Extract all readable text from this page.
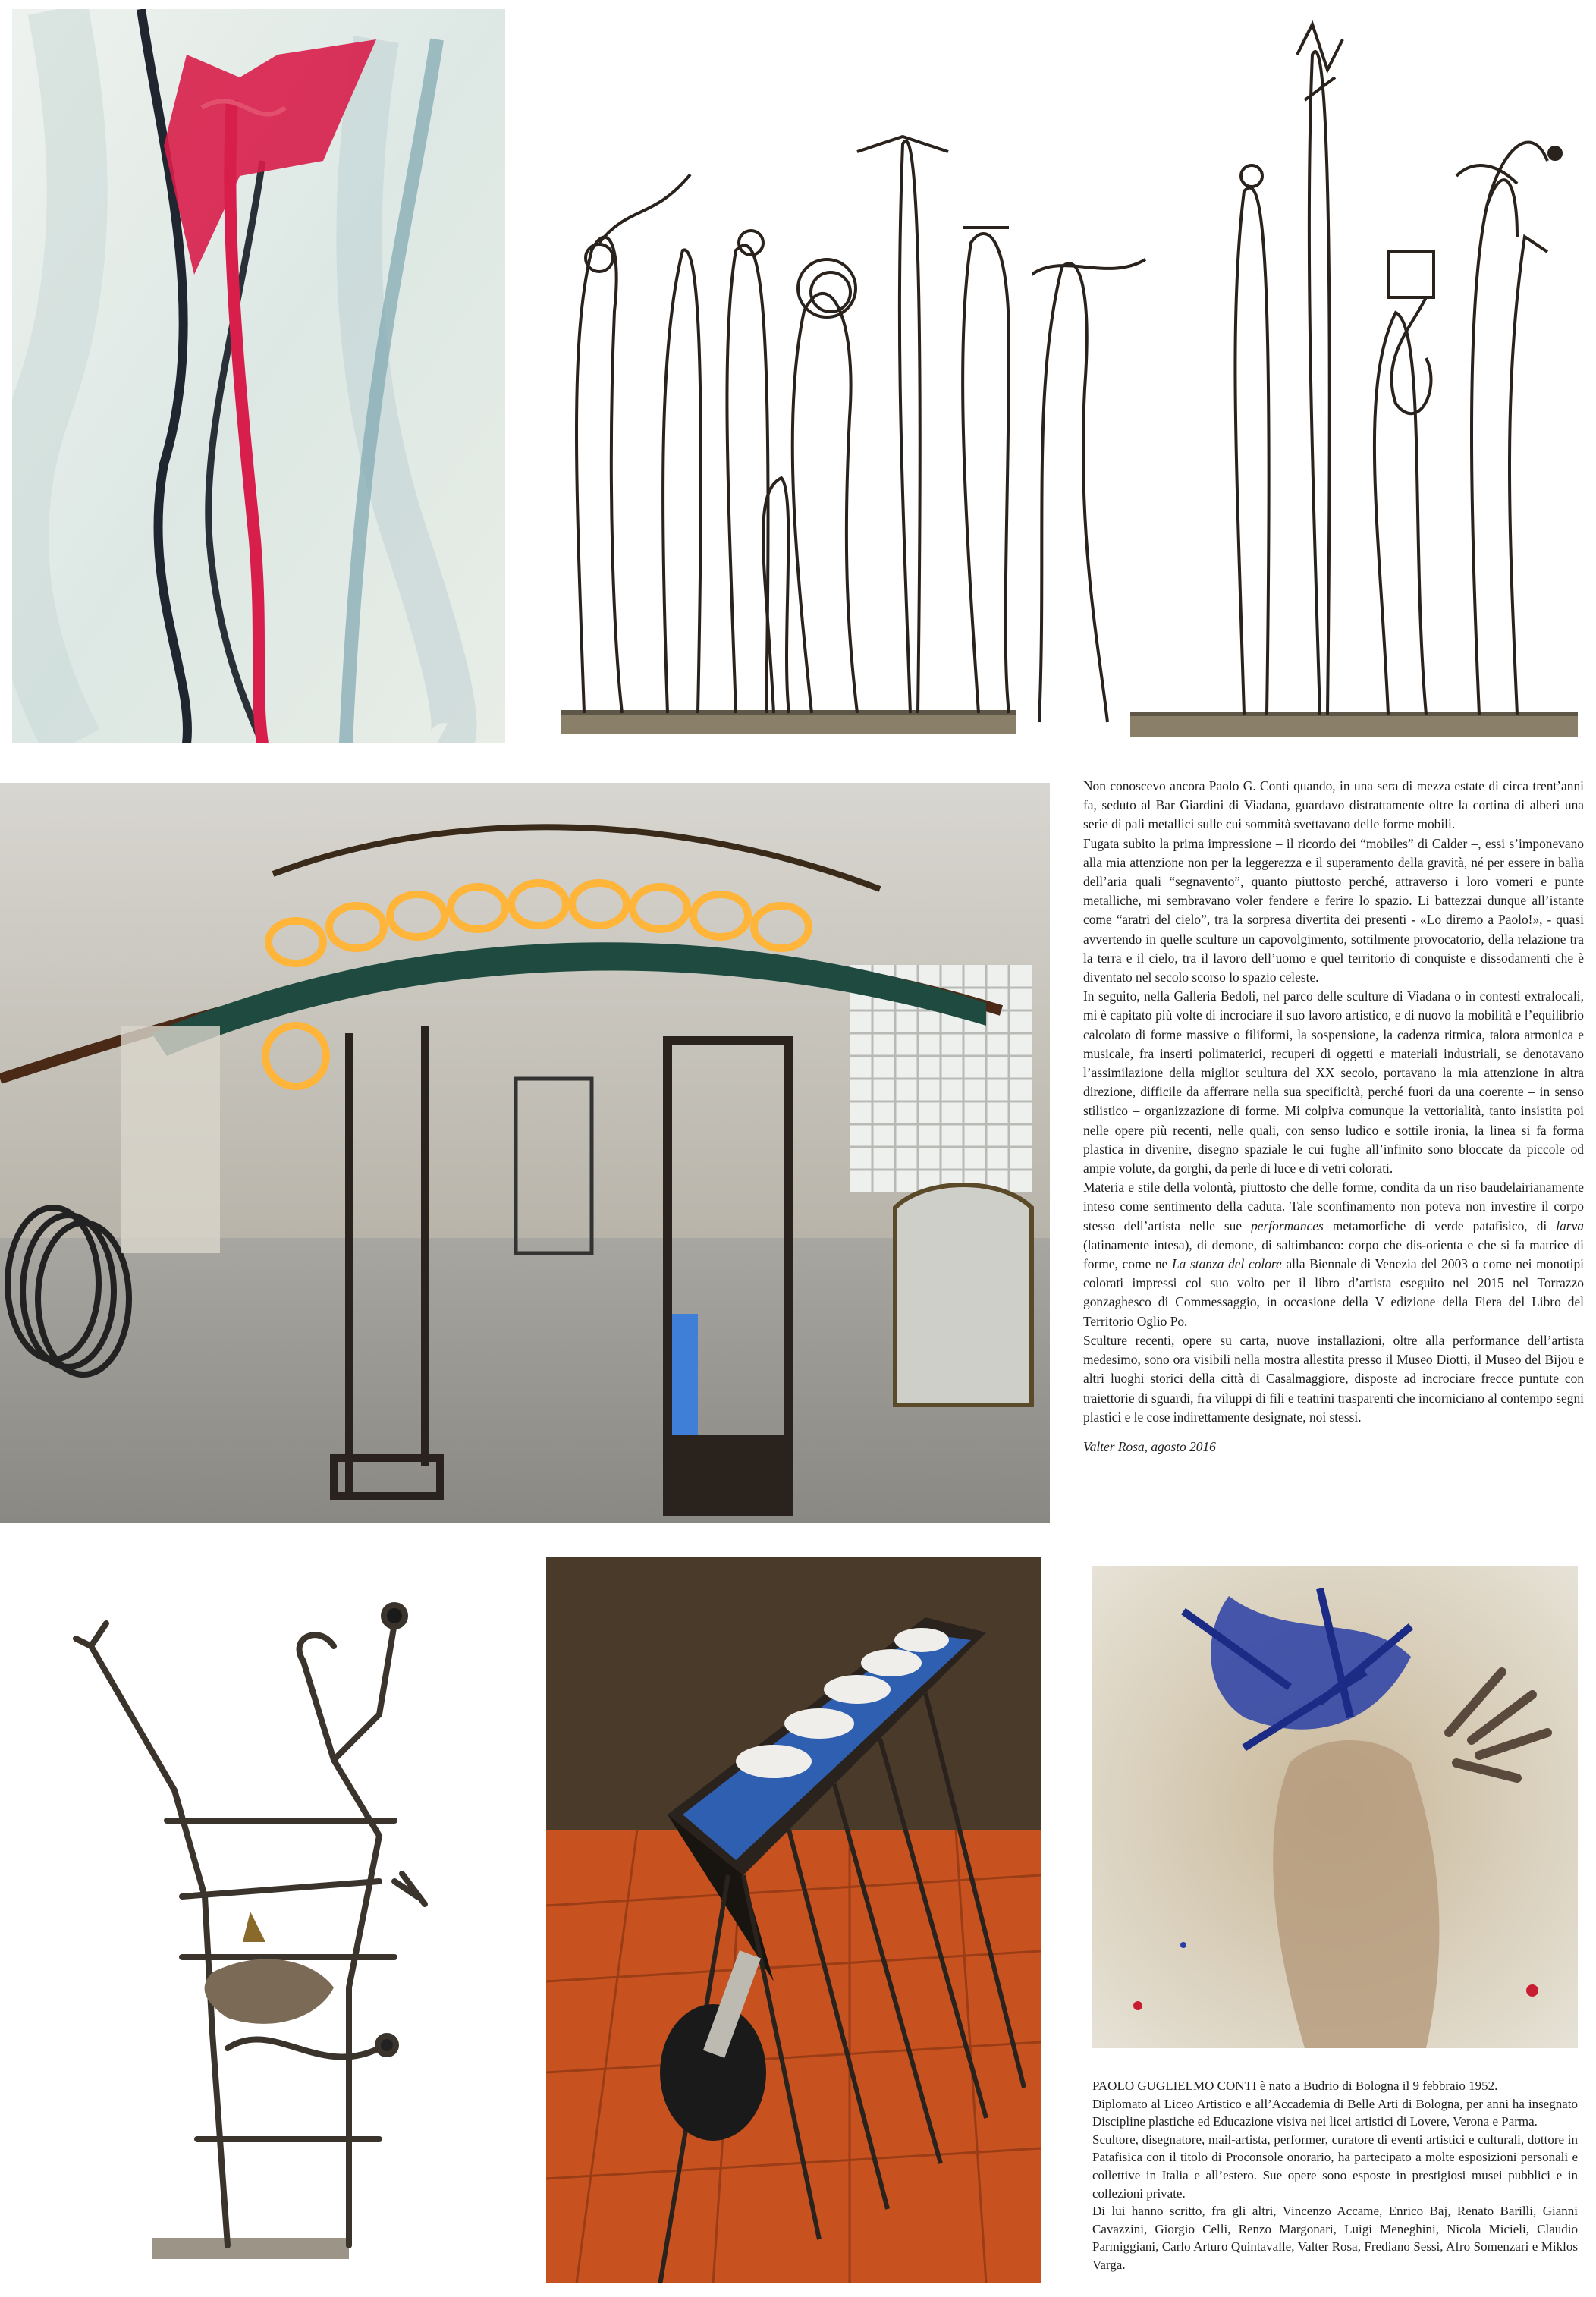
Non conoscevo ancora Paolo G. Conti quando, in una sera di mezza estate di circa trent’anni fa, seduto al Bar Giardini di Viadana, guardavo distrattamente oltre la cortina di alberi una serie di pali metallici sulle cui sommità svettavano delle forme mobili.

Fugata subito la prima impressione – il ricordo dei “mobiles” di Calder –, essi s’imponevano alla mia attenzione non per la leggerezza e il superamento della gravità, né per essere in balìa dell’aria quali “segnavento”, quanto piuttosto perché, attraverso i loro vomeri e punte metalliche, mi sembravano voler fendere e ferire lo spazio. Li battezzai dunque all’istante come “aratri del cielo”, tra la sorpresa divertita dei presenti - «Lo diremo a Paolo!», - quasi avvertendo in quelle sculture un capovolgimento, sottilmente provocatorio, della relazione tra la terra e il cielo, tra il lavoro dell’uomo e quel territorio di conquiste e dissodamenti che è diventato nel secolo scorso lo spazio celeste.

In seguito, nella Galleria Bedoli, nel parco delle sculture di Viadana o in contesti extralocali, mi è capitato più volte di incrociare il suo lavoro artistico, e di nuovo la mobilità e l’equilibrio calcolato di forme massive o filiformi, la sospensione, la cadenza ritmica, talora armonica e musicale, fra inserti polimaterici, recuperi di oggetti e materiali industriali, se denotavano l’assimilazione della miglior scultura del XX secolo, portavano la mia attenzione in altra direzione, difficile da afferrare nella sua specificità, perché fuori da una coerente – in senso stilistico – organizzazione di forme. Mi colpiva comunque la vettorialità, tanto insistita poi nelle opere più recenti, nelle quali, con senso ludico e sottile ironia, la linea si fa forma plastica in divenire, disegno spaziale le cui fughe all’infinito sono bloccate da piccole od ampie volute, da gorghi, da perle di luce e di vetri colorati.

Materia e stile della volontà, piuttosto che delle forme, condita da un riso baudelairianamente inteso come sentimento della caduta. Tale sconfinamento non poteva non investire il corpo stesso dell’artista nelle sue performances metamorfiche di verde patafisico, di larva (latinamente intesa), di demone, di saltimbanco: corpo che dis-orienta e che si fa matrice di forme, come ne La stanza del colore alla Biennale di Venezia del 2003 o come nei monotipi colorati impressi col suo volto per il libro d’artista eseguito nel 2015 nel Torrazzo gonzaghesco di Commessaggio, in occasione della V edizione della Fiera del Libro del Territorio Oglio Po.

Sculture recenti, opere su carta, nuove installazioni, oltre alla performance dell’artista medesimo, sono ora visibili nella mostra allestita presso il Museo Diotti, il Museo del Bijou e altri luoghi storici della città di Casalmaggiore, disposte ad incrociare frecce puntute con traiettorie di sguardi, fra viluppi di fili e teatrini trasparenti che incorniciano al contempo segni plastici e le cose indirettamente designate, noi stessi.

Valter Rosa, agosto 2016

PAOLO GUGLIELMO CONTI è nato a Budrio di Bologna il 9 febbraio 1952.

Diplomato al Liceo Artistico e all’Accademia di Belle Arti di Bologna, per anni ha insegnato Discipline plastiche ed Educazione visiva nei licei artistici di Lovere, Verona e Parma.

Scultore, disegnatore, mail-artista, performer, curatore di eventi artistici e culturali, dottore in Patafisica con il titolo di Proconsole onorario, ha partecipato a molte esposizioni personali e collettive in Italia e all’estero. Sue opere sono esposte in prestigiosi musei pubblici e in collezioni private.

Di lui hanno scritto, fra gli altri, Vincenzo Accame, Enrico Baj, Renato Barilli, Gianni Cavazzini, Giorgio Celli, Renzo Margonari, Luigi Meneghini, Nicola Micieli, Claudio Parmiggiani, Carlo Arturo Quintavalle, Valter Rosa, Frediano Sessi, Afro Somenzari e Miklos Varga.
